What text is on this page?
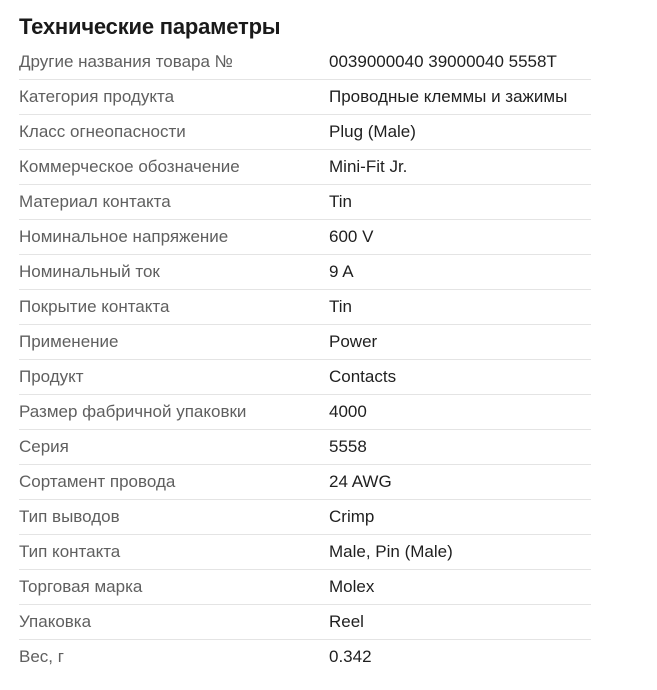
Технические параметры
Другие названия товара №	0039000040 39000040 5558T
Категория продукта	Проводные клеммы и зажимы
Класс огнеопасности	Plug (Male)
Коммерческое обозначение	Mini-Fit Jr.
Материал контакта	Tin
Номинальное напряжение	600 V
Номинальный ток	9 A
Покрытие контакта	Tin
Применение	Power
Продукт	Contacts
Размер фабричной упаковки	4000
Серия	5558
Сортамент провода	24 AWG
Тип выводов	Crimp
Тип контакта	Male, Pin (Male)
Торговая марка	Molex
Упаковка	Reel
Вес, г	0.342
